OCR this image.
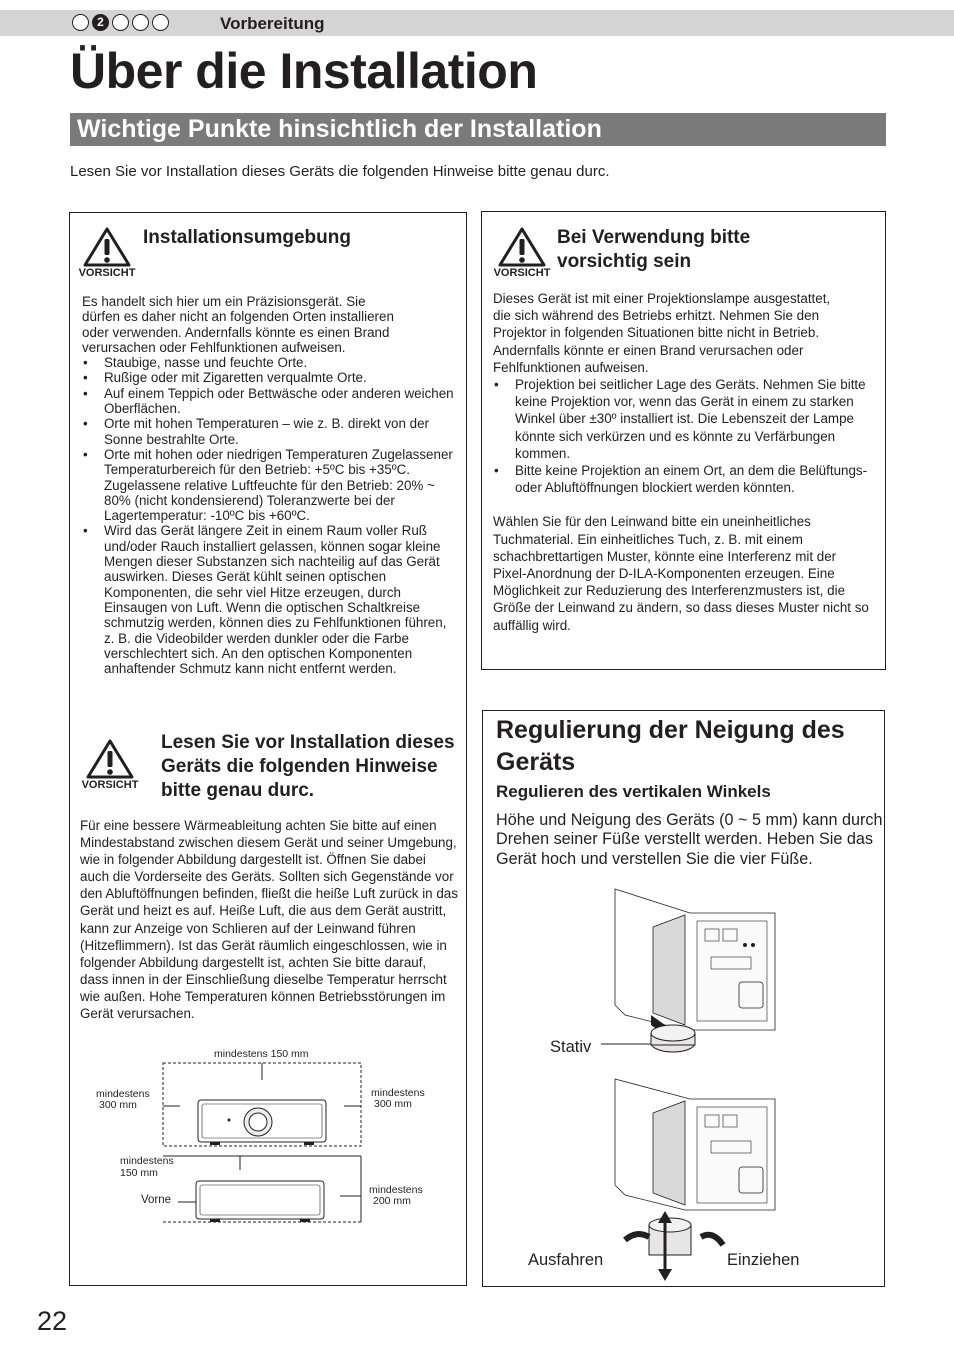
2	Vorbereitung
Über die Installation
Wichtige Punkte hinsichtlich der Installation
Lesen Sie vor Installation dieses Geräts die folgenden Hinweise bitte genau durc.
VORSICHT
Installationsumgebung

Es handelt sich hier um ein Präzisionsgerät. Sie

dürfen es daher nicht an folgenden Orten installieren

oder verwenden. Andernfalls könnte es einen Brand

verursachen oder Fehlfunktionen aufweisen.

• Staubige, nasse und feuchte Orte.
• Rußige oder mit Zigaretten verqualmte Orte.
• Auf einem Teppich oder Bettwäsche oder anderen weichen Oberflächen.
• Orte mit hohen Temperaturen – wie z. B. direkt von der Sonne bestrahlte Orte.
• Orte mit hohen oder niedrigen Temperaturen Zugelassener Temperaturbereich für den Betrieb: +5ºC bis +35ºC. Zugelassene relative Luftfeuchte für den Betrieb: 20% ~ 80% (nicht kondensierend) Toleranzwerte bei der Lagertemperatur: -10ºC bis +60ºC.
• Wird das Gerät längere Zeit in einem Raum voller Ruß und/oder Rauch installiert gelassen, können sogar kleine Mengen dieser Substanzen sich nachteilig auf das Gerät auswirken. Dieses Gerät kühlt seinen optischen Komponenten, die sehr viel Hitze erzeugen, durch Einsaugen von Luft. Wenn die optischen Schaltkreise schmutzig werden, können dies zu Fehlfunktionen führen, z. B. die Videobilder werden dunkler oder die Farbe verschlechtert sich. An den optischen Komponenten anhaftender Schmutz kann nicht entfernt werden.
VORSICHT
Lesen Sie vor Installation dieses Geräts die folgenden Hinweise bitte genau durc.
Für eine bessere Wärmeableitung achten Sie bitte auf einen Mindestabstand zwischen diesem Gerät und seiner Umgebung, wie in folgender Abbildung dargestellt ist. Öffnen Sie dabei auch die Vorderseite des Geräts. Sollten sich Gegenstände vor den Abluftöffnungen befinden, fließt die heiße Luft zurück in das Gerät und heizt es auf. Heiße Luft, die aus dem Gerät austritt, kann zur Anzeige von Schlieren auf der Leinwand führen (Hitzeflimmern). Ist das Gerät räumlich eingeschlossen, wie in folgender Abbildung dargestellt ist, achten Sie bitte darauf, dass innen in der Einschließung dieselbe Temperatur herrscht wie außen. Hohe Temperaturen können Betriebsstörungen im Gerät verursachen.
mindestens 150 mm
mindestens
300 mm
mindestens
300 mm
mindestens
150 mm
Vorne
mindestens
200 mm
VORSICHT
Bei Verwendung bitte
vorsichtig sein

Dieses Gerät ist mit einer Projektionslampe ausgestattet,

die sich während des Betriebs erhitzt. Nehmen Sie den

Projektor in folgenden Situationen bitte nicht in Betrieb.

Andernfalls könnte er einen Brand verursachen oder

Fehlfunktionen aufweisen.

• Projektion bei seitlicher Lage des Geräts. Nehmen Sie bitte keine Projektion vor, wenn das Gerät in einem zu starken Winkel über ±30º installiert ist. Die Lebenszeit der Lampe könnte sich verkürzen und es könnte zu Verfärbungen kommen.
• Bitte keine Projektion an einem Ort, an dem die Belüftungs- oder Abluftöffnungen blockiert werden könnten.

Wählen Sie für den Leinwand bitte ein uneinheitliches Tuchmaterial. Ein einheitliches Tuch, z. B. mit einem schachbrettartigen Muster, könnte eine Interferenz mit der Pixel-Anordnung der D-ILA-Komponenten erzeugen. Eine Möglichkeit zur Reduzierung des Interferenzmusters ist, die Größe der Leinwand zu ändern, so dass dieses Muster nicht so auffällig wird.

Regulierung der Neigung des Geräts
Regulieren des vertikalen Winkels
Höhe und Neigung des Geräts (0 ~ 5 mm) kann durch Drehen seiner Füße verstellt werden. Heben Sie das Gerät hoch und verstellen Sie die vier Füße.
Stativ
Ausfahren	Einziehen
22
